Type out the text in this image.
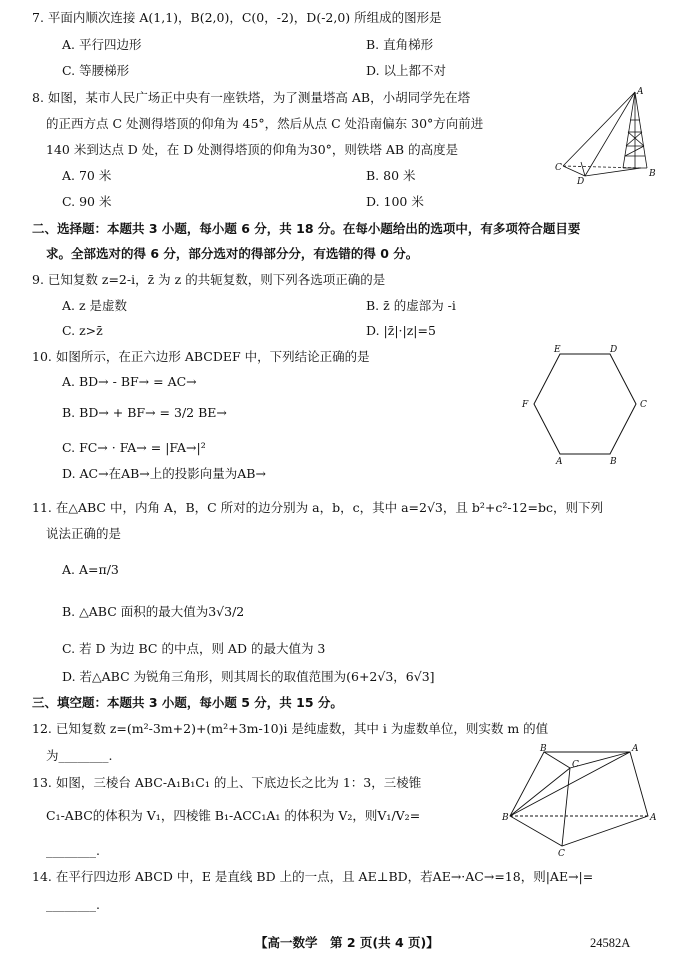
7. 平面内顺次连接 A(1,1)，B(2,0)，C(0，-2)，D(-2,0) 所组成的图形是
A. 平行四边形	B. 直角梯形
C. 等腰梯形	D. 以上都不对
8. 如图，某市人民广场正中央有一座铁塔，为了测量塔高 AB，小胡同学先在塔
的正西方点 C 处测得塔顶的仰角为 45°，然后从点 C 处沿南偏东 30°方向前进
140 米到达点 D 处，在 D 处测得塔顶的仰角为30°，则铁塔 AB 的高度是
A. 70 米	B. 80 米
C. 90 米	D. 100 米
A
B
C
D
二、选择题：本题共 3 小题，每小题 6 分，共 18 分。在每小题给出的选项中，有多项符合题目要
求。全部选对的得 6 分，部分选对的得部分分，有选错的得 0 分。
9. 已知复数 z=2-i，z̄ 为 z 的共轭复数，则下列各选项正确的是
A. z 是虚数	B. z̄ 的虚部为 -i
C. z>z̄	D. |z̄|·|z|=5
10. 如图所示，在正六边形 ABCDEF 中，下列结论正确的是
A. BD→ - BF→ = AC→
B. BD→ + BF→ = 3/2 BE→
C. FC→ · FA→ = |FA→|²
D. AC→在AB→上的投影向量为AB→
E	D
F	C
A	B
11. 在△ABC 中，内角 A，B，C 所对的边分别为 a，b，c，其中 a=2√3，且 b²+c²-12=bc，则下列
说法正确的是
A. A=π/3
B. △ABC 面积的最大值为3√3/2
C. 若 D 为边 BC 的中点，则 AD 的最大值为 3
D. 若△ABC 为锐角三角形，则其周长的取值范围为(6+2√3，6√3]
三、填空题：本题共 3 小题，每小题 5 分，共 15 分。
12. 已知复数 z=(m²-3m+2)+(m²+3m-10)i 是纯虚数，其中 i 为虚数单位，则实数 m 的值
为________.
13. 如图，三棱台 ABC-A₁B₁C₁ 的上、下底边长之比为 1：3，三棱锥
C₁-ABC的体积为 V₁，四棱锥 B₁-ACC₁A₁ 的体积为 V₂，则V₁/V₂=
________.
B	A
C
B	A
C
14. 在平行四边形 ABCD 中，E 是直线 BD 上的一点，且 AE⊥BD，若AE→·AC→=18，则|AE→|=
________.
【高一数学　第 2 页(共 4 页)】	24582A
